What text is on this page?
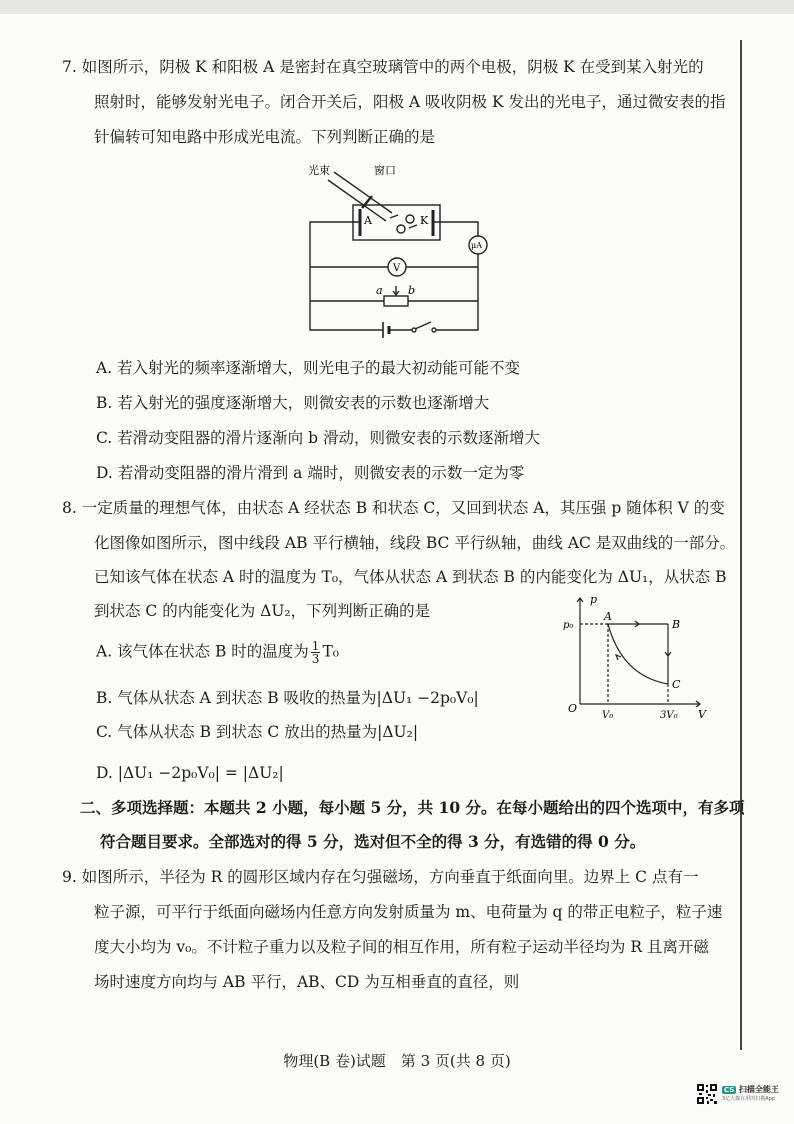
7. 如图所示，阴极 K 和阳极 A 是密封在真空玻璃管中的两个电极，阴极 K 在受到某入射光的
照射时，能够发射光电子。闭合开关后，阳极 A 吸收阴极 K 发出的光电子，通过微安表的指
针偏转可知电路中形成光电流。下列判断正确的是
光束	窗口
A	K
μA
V
a b
A. 若入射光的频率逐渐增大，则光电子的最大初动能可能不变
B. 若入射光的强度逐渐增大，则微安表的示数也逐渐增大
C. 若滑动变阻器的滑片逐渐向 b 滑动，则微安表的示数逐渐增大
D. 若滑动变阻器的滑片滑到 a 端时，则微安表的示数一定为零
8. 一定质量的理想气体，由状态 A 经状态 B 和状态 C，又回到状态 A，其压强 p 随体积 V 的变
化图像如图所示，图中线段 AB 平行横轴，线段 BC 平行纵轴，曲线 AC 是双曲线的一部分。
已知该气体在状态 A 时的温度为 T₀，气体从状态 A 到状态 B 的内能变化为 ΔU₁，从状态 B
到状态 C 的内能变化为 ΔU₂，下列判断正确的是
A. 该气体在状态 B 时的温度为 $\frac{1}{3} T_0$
B. 气体从状态 A 到状态 B 吸收的热量为|ΔU₁ −2p₀V₀|
C. 气体从状态 B 到状态 C 放出的热量为|ΔU₂|
D. |ΔU₁ −2p₀V₀| = |ΔU₂|
p
V
O
p₀
V₀	3V₀
A
B
C
二、多项选择题：本题共 2 小题，每小题 5 分，共 10 分。在每小题给出的四个选项中，有多项
符合题目要求。全部选对的得 5 分，选对但不全的得 3 分，有选错的得 0 分。
9. 如图所示，半径为 R 的圆形区域内存在匀强磁场，方向垂直于纸面向里。边界上 C 点有一
粒子源，可平行于纸面向磁场内任意方向发射质量为 m、电荷量为 q 的带正电粒子，粒子速
度大小均为 v₀。不计粒子重力以及粒子间的相互作用，所有粒子运动半径均为 R 且离开磁
场时速度方向均与 AB 平行，AB、CD 为互相垂直的直径，则
物理(B 卷)试题　第 3 页(共 8 页)
CS 扫描全能王
3亿人都在用的扫描App
